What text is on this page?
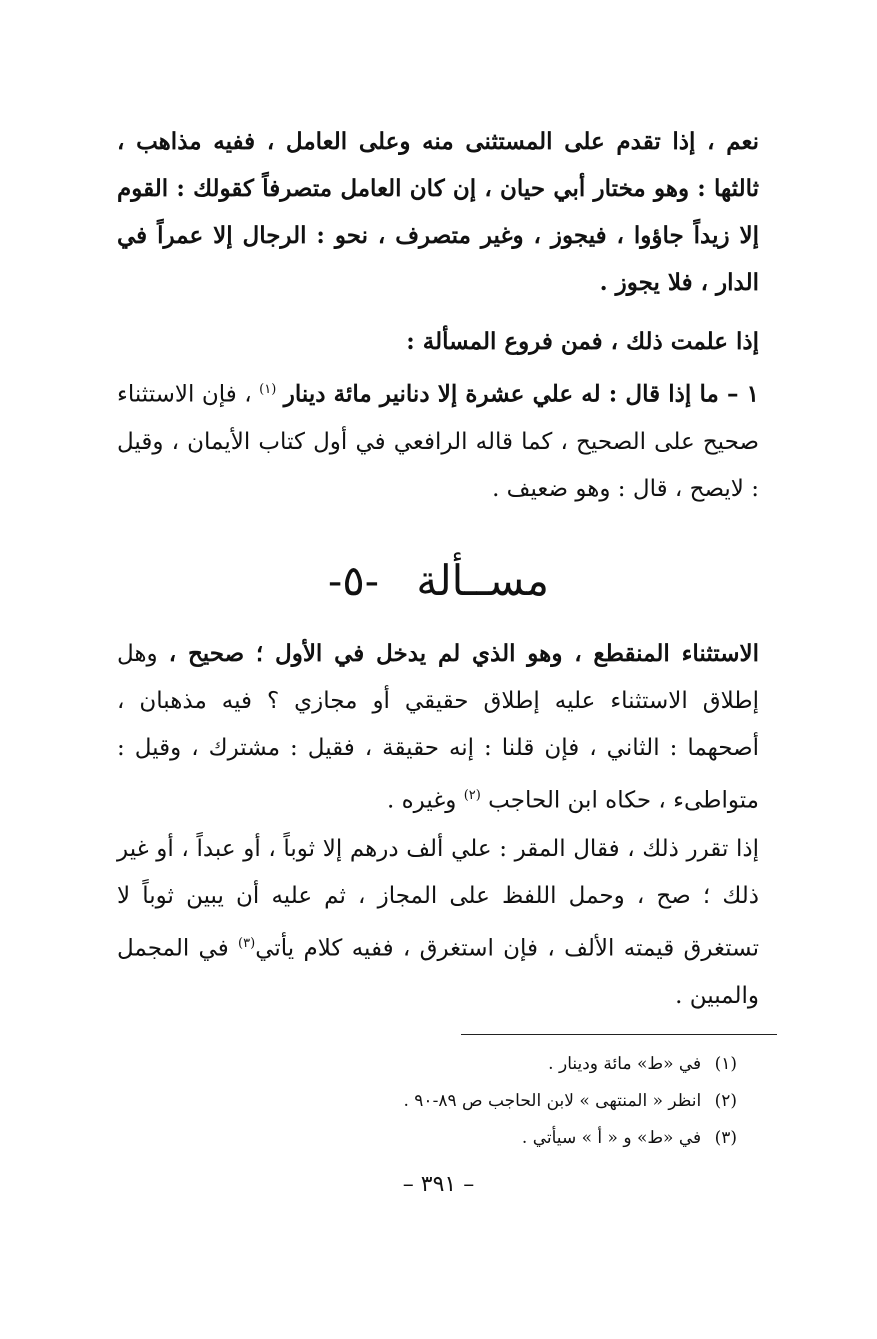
نعم ، إذا تقدم على المستثنى منه وعلى العامل ، ففيه مذاهب ، ثالثها : وهو مختار أبي حيان ، إن كان العامل متصرفاً كقولك : القوم إلا زيداً جاؤوا ، فيجوز ، وغير متصرف ، نحو : الرجال إلا عمراً في الدار ، فلا يجوز .

إذا علمت ذلك ، فمن فروع المسألة :

١ – ما إذا قال : له علي عشرة إلا دنانير مائة دينار $^{(١)}$ ، فإن الاستثناء صحيح على الصحيح ، كما قاله الرافعي في أول كتاب الأيمان ، وقيل : لايصح ، قال : وهو ضعيف .

مســألة -٥-

الاستثناء المنقطع ، وهو الذي لم يدخل في الأول ؛ صحيح ، وهل إطلاق الاستثناء عليه إطلاق حقيقي أو مجازي ؟ فيه مذهبان ، أصحهما : الثاني ، فإن قلنا : إنه حقيقة ، فقيل : مشترك ، وقيل : متواطىء ، حكاه ابن الحاجب $^{(٢)}$ وغيره .

إذا تقرر ذلك ، فقال المقر : علي ألف درهم إلا ثوباً ، أو عبداً ، أو غير ذلك ؛ صح ، وحمل اللفظ على المجاز ، ثم عليه أن يبين ثوباً لا تستغرق قيمته الألف ، فإن استغرق ، ففيه كلام يأتي$^{(٣)}$ في المجمل والمبين .

(١) في «ط» مائة ودينار .
(٢) انظر « المنتهى » لابن الحاجب ص ٨٩-٩٠ .
(٣) في «ط» و « أ » سيأتي .
– ٣٩١ –
